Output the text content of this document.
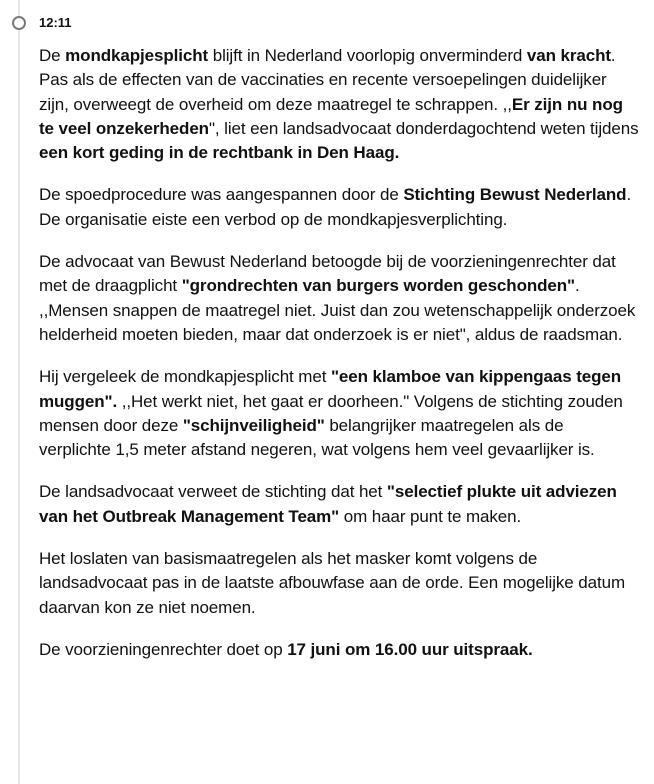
12:11

De mondkapjesplicht blijft in Nederland voorlopig onverminderd van kracht. Pas als de effecten van de vaccinaties en recente versoepelingen duidelijker zijn, overweegt de overheid om deze maatregel te schrappen. ,,Er zijn nu nog te veel onzekerheden", liet een landsadvocaat donderdagochtend weten tijdens een kort geding in de rechtbank in Den Haag.

De spoedprocedure was aangespannen door de Stichting Bewust Nederland. De organisatie eiste een verbod op de mondkapjesverplichting.

De advocaat van Bewust Nederland betoogde bij de voorzieningenrechter dat met de draagplicht "grondrechten van burgers worden geschonden". ,,Mensen snappen de maatregel niet. Juist dan zou wetenschappelijk onderzoek helderheid moeten bieden, maar dat onderzoek is er niet", aldus de raadsman.

Hij vergeleek de mondkapjesplicht met "een klamboe van kippengaas tegen muggen". ,,Het werkt niet, het gaat er doorheen." Volgens de stichting zouden mensen door deze "schijnveiligheid" belangrijker maatregelen als de verplichte 1,5 meter afstand negeren, wat volgens hem veel gevaarlijker is.

De landsadvocaat verweet de stichting dat het "selectief plukte uit adviezen van het Outbreak Management Team" om haar punt te maken.

Het loslaten van basismaatregelen als het masker komt volgens de landsadvocaat pas in de laatste afbouwfase aan de orde. Een mogelijke datum daarvan kon ze niet noemen.

De voorzieningenrechter doet op 17 juni om 16.00 uur uitspraak.
